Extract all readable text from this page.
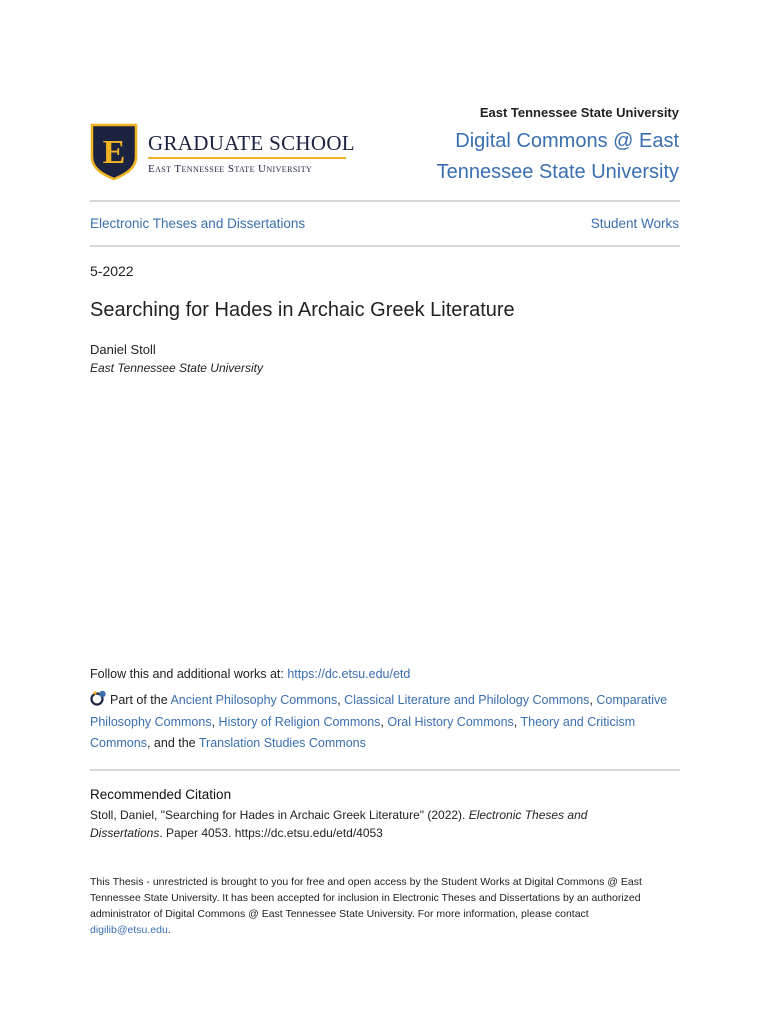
E GRADUATE SCHOOL
East Tennessee State University
East Tennessee State University
Digital Commons @ East Tennessee State University
Electronic Theses and Dissertations	Student Works
5-2022
Searching for Hades in Archaic Greek Literature
Daniel Stoll
East Tennessee State University
Follow this and additional works at: https://dc.etsu.edu/etd
Part of the Ancient Philosophy Commons, Classical Literature and Philology Commons, Comparative Philosophy Commons, History of Religion Commons, Oral History Commons, Theory and Criticism Commons, and the Translation Studies Commons
Recommended Citation
Stoll, Daniel, "Searching for Hades in Archaic Greek Literature" (2022). Electronic Theses and Dissertations. Paper 4053. https://dc.etsu.edu/etd/4053
This Thesis - unrestricted is brought to you for free and open access by the Student Works at Digital Commons @ East Tennessee State University. It has been accepted for inclusion in Electronic Theses and Dissertations by an authorized administrator of Digital Commons @ East Tennessee State University. For more information, please contact digilib@etsu.edu.
